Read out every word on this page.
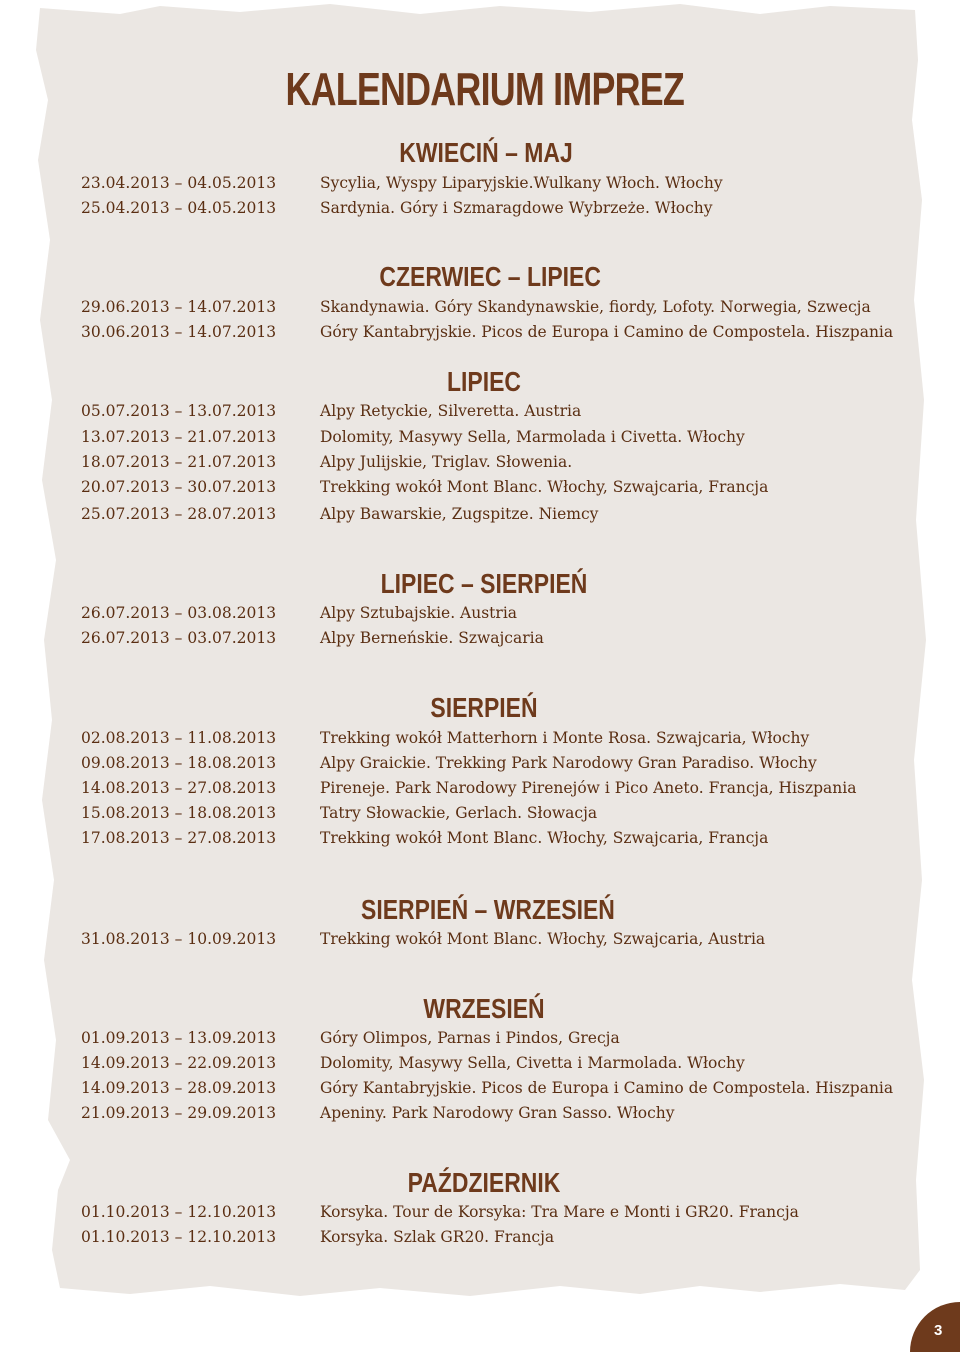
KALENDARIUM IMPREZ
KWIECIŃ – MAJ
23.04.2013 – 04.05.2013	Sycylia, Wyspy Liparyjskie.Wulkany Włoch. Włochy
25.04.2013 – 04.05.2013	Sardynia. Góry i Szmaragdowe Wybrzeże. Włochy
CZERWIEC – LIPIEC
29.06.2013 – 14.07.2013	Skandynawia. Góry Skandynawskie, fiordy, Lofoty. Norwegia, Szwecja
30.06.2013 – 14.07.2013	Góry Kantabryjskie. Picos de Europa i Camino de Compostela. Hiszpania
LIPIEC
05.07.2013 – 13.07.2013	Alpy Retyckie, Silveretta. Austria
13.07.2013 – 21.07.2013	Dolomity, Masywy Sella, Marmolada i Civetta. Włochy
18.07.2013 – 21.07.2013	Alpy Julijskie, Triglav. Słowenia.
20.07.2013 – 30.07.2013	Trekking wokół Mont Blanc. Włochy, Szwajcaria, Francja
25.07.2013 – 28.07.2013	Alpy Bawarskie, Zugspitze. Niemcy
LIPIEC – SIERPIEŃ
26.07.2013 – 03.08.2013	Alpy Sztubajskie. Austria
26.07.2013 – 03.07.2013	Alpy Berneńskie. Szwajcaria
SIERPIEŃ
02.08.2013 – 11.08.2013	Trekking wokół Matterhorn i Monte Rosa. Szwajcaria, Włochy
09.08.2013 – 18.08.2013	Alpy Graickie. Trekking Park Narodowy Gran Paradiso. Włochy
14.08.2013 – 27.08.2013	Pireneje. Park Narodowy Pirenejów i Pico Aneto. Francja, Hiszpania
15.08.2013 – 18.08.2013	Tatry Słowackie, Gerlach. Słowacja
17.08.2013 – 27.08.2013	Trekking wokół Mont Blanc. Włochy, Szwajcaria, Francja
SIERPIEŃ – WRZESIEŃ
31.08.2013 – 10.09.2013	Trekking wokół Mont Blanc. Włochy, Szwajcaria, Austria
WRZESIEŃ
01.09.2013 – 13.09.2013	Góry Olimpos, Parnas i Pindos, Grecja
14.09.2013 – 22.09.2013	Dolomity, Masywy Sella, Civetta i Marmolada. Włochy
14.09.2013 – 28.09.2013	Góry Kantabryjskie. Picos de Europa i Camino de Compostela. Hiszpania
21.09.2013 – 29.09.2013	Apeniny. Park Narodowy Gran Sasso. Włochy
PAŹDZIERNIK
01.10.2013 – 12.10.2013	Korsyka. Tour de Korsyka: Tra Mare e Monti i GR20. Francja
01.10.2013 – 12.10.2013	Korsyka. Szlak GR20. Francja
3
